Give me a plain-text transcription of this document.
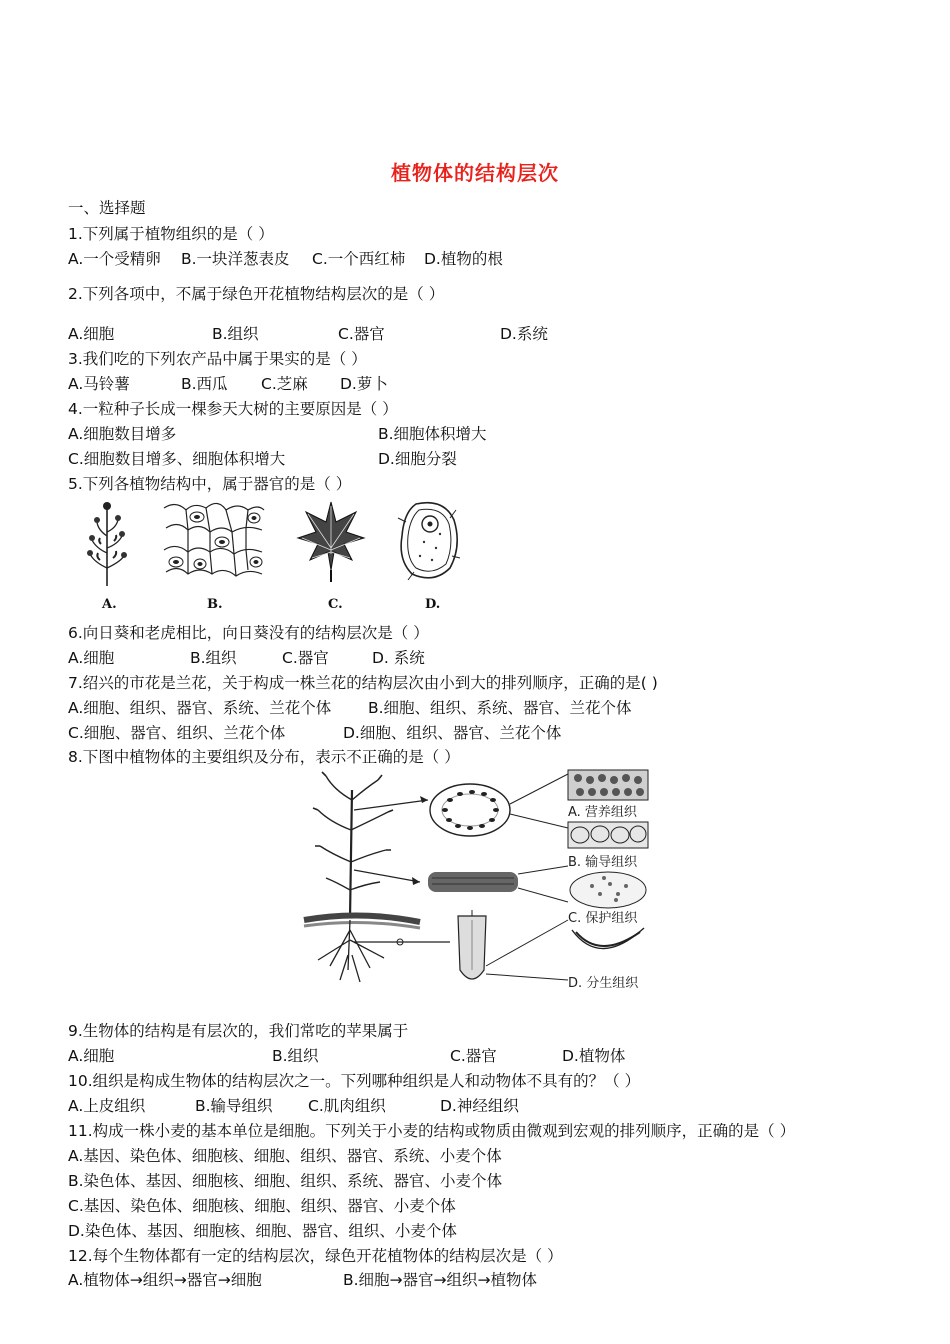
植物体的结构层次
一、选择题
1.下列属于植物组织的是（ ）
A.一个受精卵 B.一块洋葱表皮 C.一个西红柿 D.植物的根
2.下列各项中，不属于绿色开花植物结构层次的是（ ）
A.细胞	B.组织	C.器官	D.系统
3.我们吃的下列农产品中属于果实的是（ ）
A.马铃薯	B.西瓜 C.芝麻 D.萝卜
4.一粒种子长成一棵参天大树的主要原因是（ ）
A.细胞数目增多	B.细胞体积增大
C.细胞数目增多、细胞体积增大	D.细胞分裂
5.下列各植物结构中，属于器官的是（ ）
A.	B.	C.	D.
6.向日葵和老虎相比，向日葵没有的结构层次是（ ）
A.细胞	B.组织	C.器官	D. 系统
7.绍兴的市花是兰花，关于构成一株兰花的结构层次由小到大的排列顺序，正确的是( )
A.细胞、组织、器官、系统、兰花个体 B.细胞、组织、系统、器官、兰花个体
C.细胞、器官、组织、兰花个体	D.细胞、组织、器官、兰花个体
8.下图中植物体的主要组织及分布，表示不正确的是（ ）
A. 营养组织
B. 输导组织
C. 保护组织
D. 分生组织
9.生物体的结构是有层次的，我们常吃的苹果属于
A.细胞	B.组织	C.器官	D.植物体
10.组织是构成生物体的结构层次之一。下列哪种组织是人和动物体不具有的？（ ）
A.上皮组织	B.输导组织 C.肌肉组织	D.神经组织
11.构成一株小麦的基本单位是细胞。下列关于小麦的结构或物质由微观到宏观的排列顺序，正确的是（ ）
A.基因、染色体、细胞核、细胞、组织、器官、系统、小麦个体
B.染色体、基因、细胞核、细胞、组织、系统、器官、小麦个体
C.基因、染色体、细胞核、细胞、组织、器官、小麦个体
D.染色体、基因、细胞核、细胞、器官、组织、小麦个体
12.每个生物体都有一定的结构层次，绿色开花植物体的结构层次是（ ）
A.植物体→组织→器官→细胞	B.细胞→器官→组织→植物体
